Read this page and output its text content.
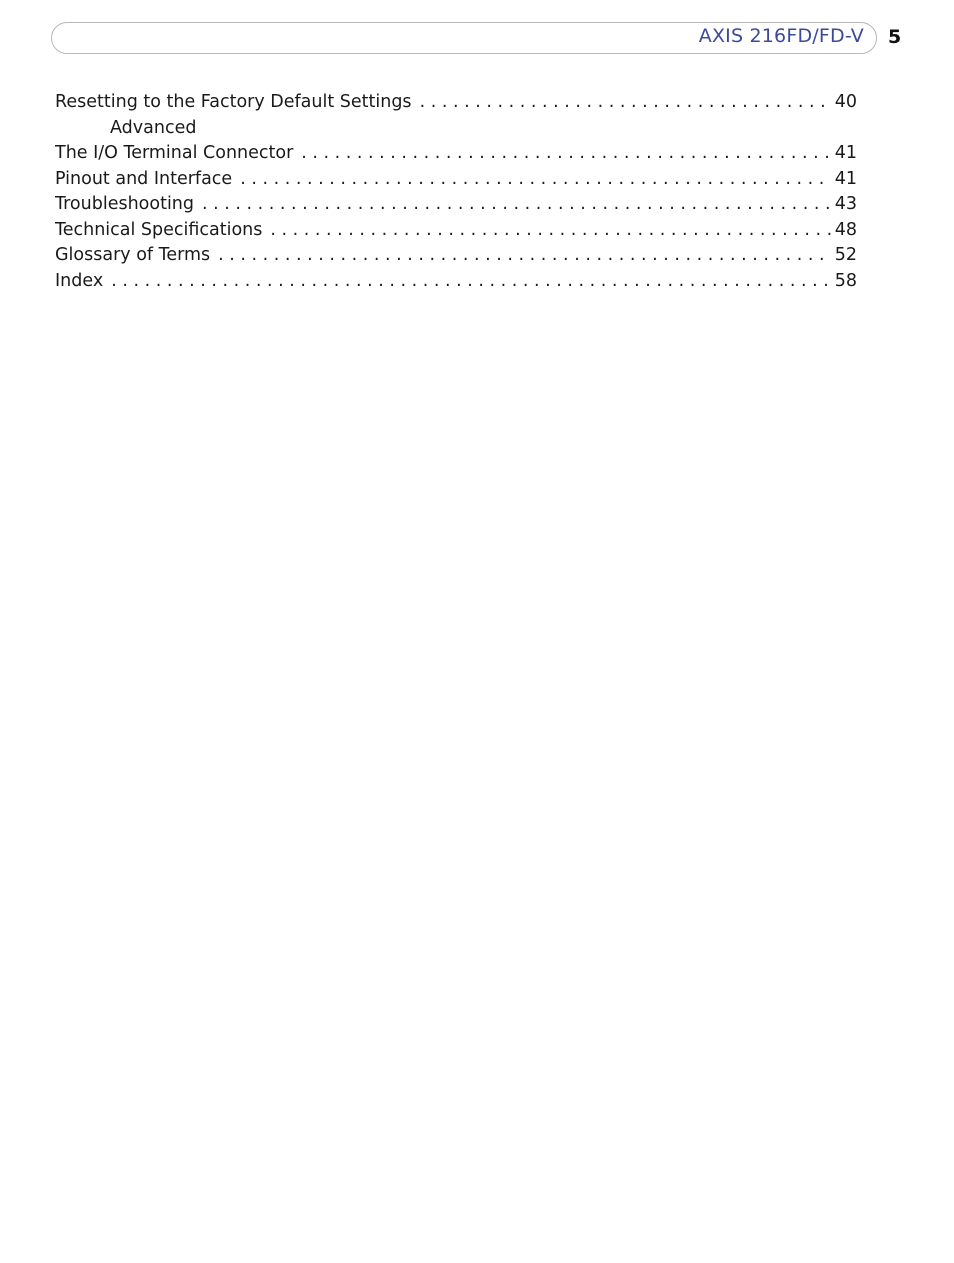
AXIS 216FD/FD-V 5
Resetting to the Factory Default Settings . . .	40
Advanced
The I/O Terminal Connector . . .	41
Pinout and Interface . . .	41
Troubleshooting . . .	43
Technical Specifications . . .	48
Glossary of Terms . . .	52
Index . . .	58
